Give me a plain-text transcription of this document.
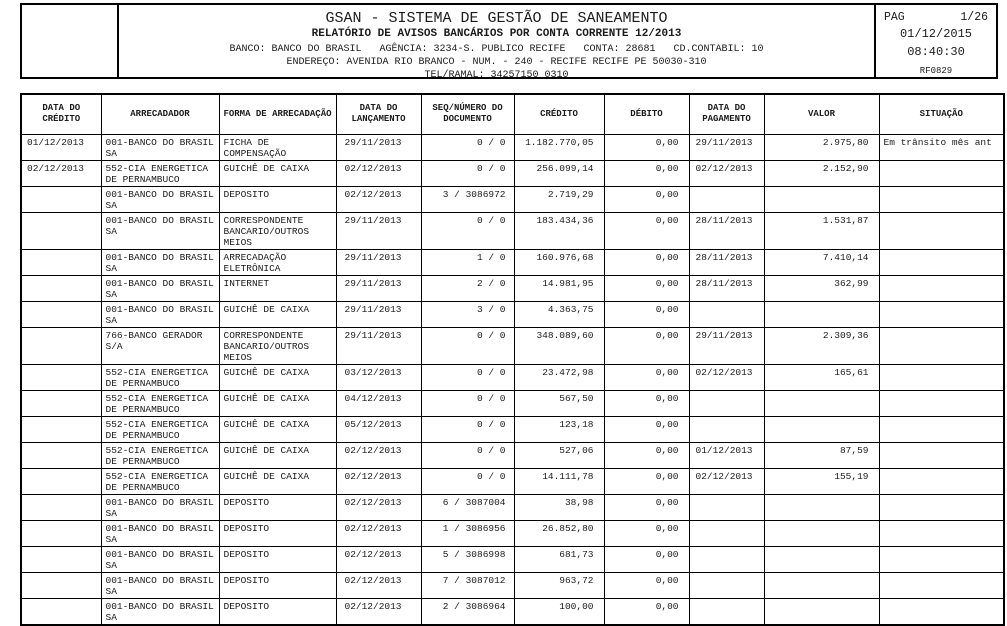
GSAN - SISTEMA DE GESTÃO DE SANEAMENTO
RELATÓRIO DE AVISOS BANCÁRIOS POR CONTA CORRENTE 12/2013
BANCO: BANCO DO BRASIL   AGÊNCIA: 3234-S. PUBLICO RECIFE   CONTA: 28681   CD.CONTABIL: 10
ENDEREÇO: AVENIDA RIO BRANCO - NUM. - 240 - RECIFE RECIFE PE 50030-310
TEL/RAMAL: 34257150 0310
PAG	1/26
01/12/2015
08:40:30
RF0829
DATA DO CRÉDITO	ARRECADADOR	FORMA DE ARRECADAÇÃO	DATA DO LANÇAMENTO	SEQ/NÚMERO DO DOCUMENTO	CRÉDITO	DÉBITO	DATA DO PAGAMENTO	VALOR	SITUAÇÃO
01/12/2013	001-BANCO DO BRASIL SA	FICHA DE COMPENSAÇÃO	29/11/2013	0 / 0	1.182.770,05	0,00	29/11/2013	2.975,80	Em trânsito mês ant
02/12/2013	552-CIA ENERGETICA DE PERNAMBUCO	GUICHÊ DE CAIXA	02/12/2013	0 / 0	256.099,14	0,00	02/12/2013	2.152,90	
	001-BANCO DO BRASIL SA	DEPOSITO	02/12/2013	3 / 3086972	2.719,29	0,00			
	001-BANCO DO BRASIL SA	CORRESPONDENTE BANCARIO/OUTROS MEIOS	29/11/2013	0 / 0	183.434,36	0,00	28/11/2013	1.531,87	
	001-BANCO DO BRASIL SA	ARRECADAÇÃO ELETRÔNICA	29/11/2013	1 / 0	160.976,68	0,00	28/11/2013	7.410,14	
	001-BANCO DO BRASIL SA	INTERNET	29/11/2013	2 / 0	14.981,95	0,00	28/11/2013	362,99	
	001-BANCO DO BRASIL SA	GUICHÊ DE CAIXA	29/11/2013	3 / 0	4.363,75	0,00			
	766-BANCO GERADOR S/A	CORRESPONDENTE BANCARIO/OUTROS MEIOS	29/11/2013	0 / 0	348.089,60	0,00	29/11/2013	2.309,36	
	552-CIA ENERGETICA DE PERNAMBUCO	GUICHÊ DE CAIXA	03/12/2013	0 / 0	23.472,98	0,00	02/12/2013	165,61	
	552-CIA ENERGETICA DE PERNAMBUCO	GUICHÊ DE CAIXA	04/12/2013	0 / 0	567,50	0,00			
	552-CIA ENERGETICA DE PERNAMBUCO	GUICHÊ DE CAIXA	05/12/2013	0 / 0	123,18	0,00			
	552-CIA ENERGETICA DE PERNAMBUCO	GUICHÊ DE CAIXA	02/12/2013	0 / 0	527,06	0,00	01/12/2013	87,59	
	552-CIA ENERGETICA DE PERNAMBUCO	GUICHÊ DE CAIXA	02/12/2013	0 / 0	14.111,78	0,00	02/12/2013	155,19	
	001-BANCO DO BRASIL SA	DEPOSITO	02/12/2013	6 / 3087004	38,98	0,00			
	001-BANCO DO BRASIL SA	DEPOSITO	02/12/2013	1 / 3086956	26.852,80	0,00			
	001-BANCO DO BRASIL SA	DEPOSITO	02/12/2013	5 / 3086998	681,73	0,00			
	001-BANCO DO BRASIL SA	DEPOSITO	02/12/2013	7 / 3087012	963,72	0,00			
	001-BANCO DO BRASIL SA	DEPOSITO	02/12/2013	2 / 3086964	100,00	0,00			
